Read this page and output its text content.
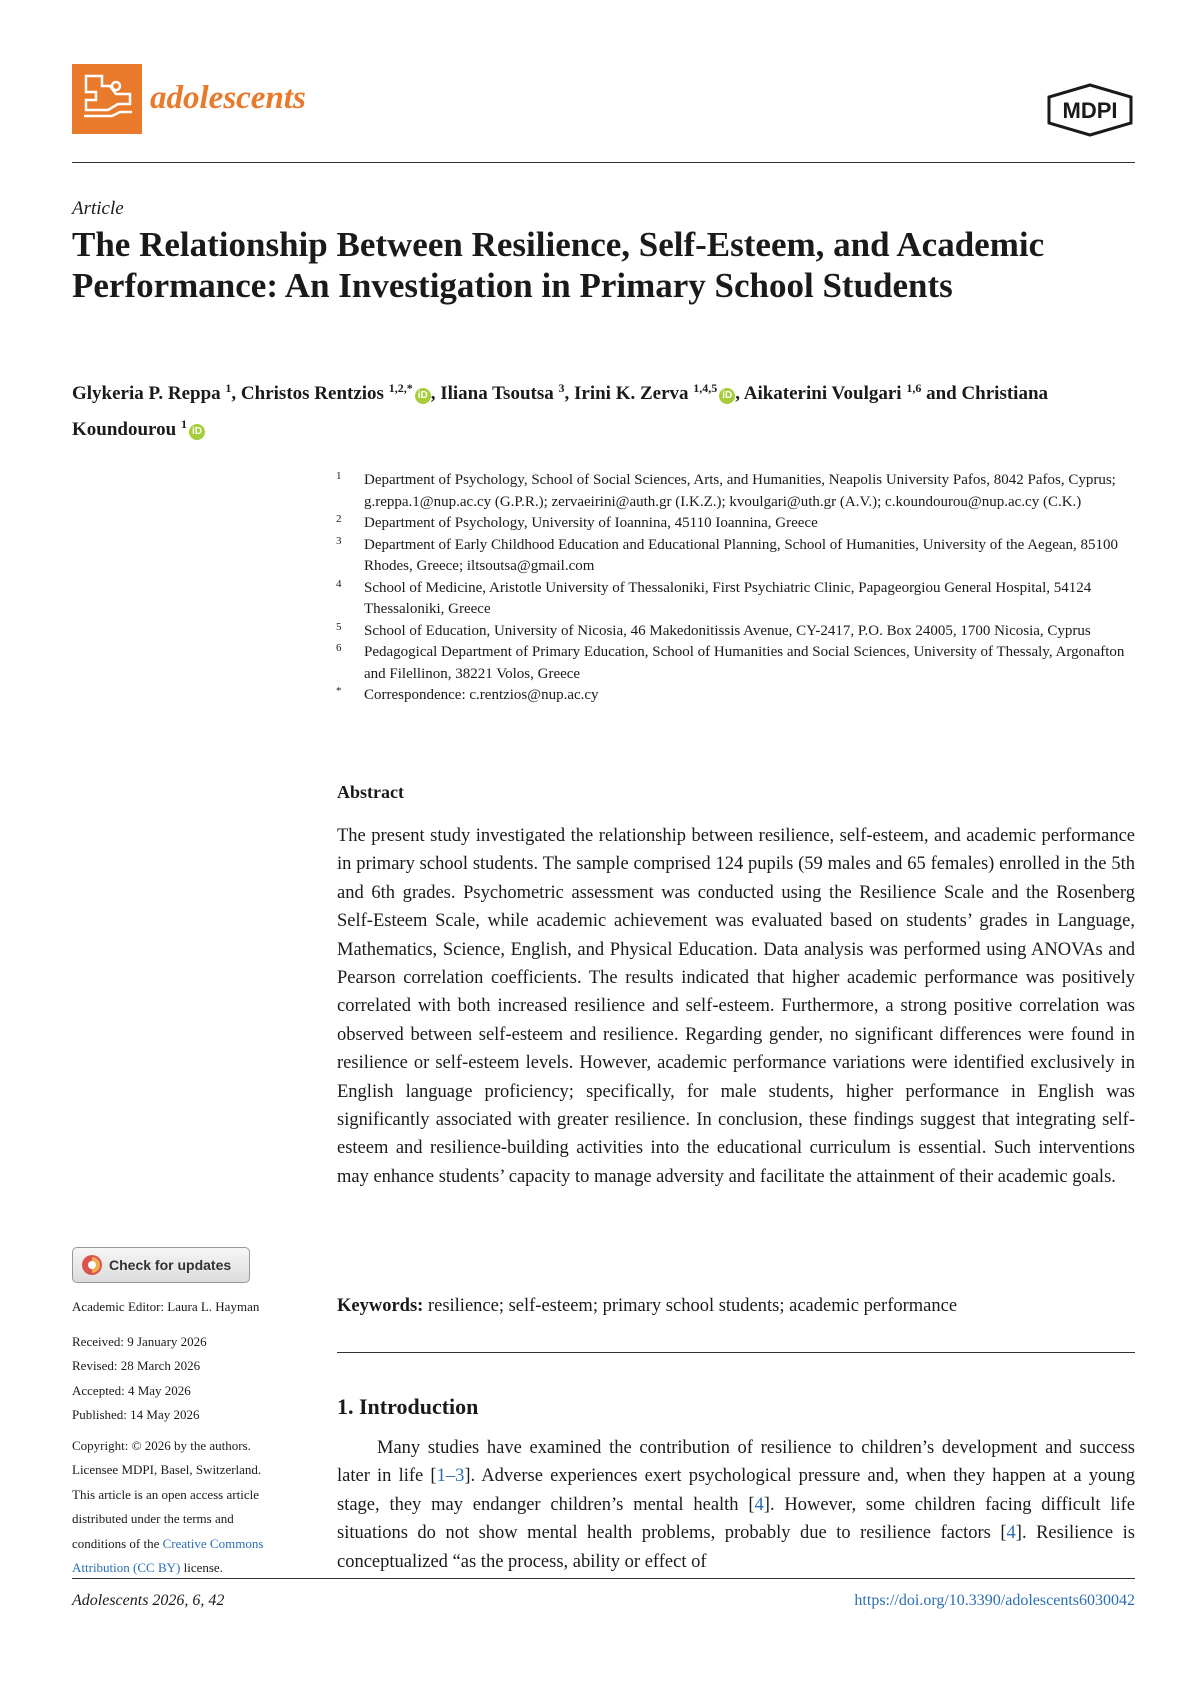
adolescents	MDPI
Article
The Relationship Between Resilience, Self-Esteem, and Academic Performance: An Investigation in Primary School Students
Glykeria P. Reppa $^1$, Christos Rentzios $^{1,2,*}$iD , Iliana Tsoutsa $^3$, Irini K. Zerva $^{1,4,5}$iD , Aikaterini Voulgari $^{1,6}$ and Christiana Koundourou $^1$iD
1 Department of Psychology, School of Social Sciences, Arts, and Humanities, Neapolis University Pafos, 8042 Pafos, Cyprus; g.reppa.1@nup.ac.cy (G.P.R.); zervaeirini@auth.gr (I.K.Z.); kvoulgari@uth.gr (A.V.); c.koundourou@nup.ac.cy (C.K.)
2 Department of Psychology, University of Ioannina, 45110 Ioannina, Greece
3 Department of Early Childhood Education and Educational Planning, School of Humanities, University of the Aegean, 85100 Rhodes, Greece; iltsoutsa@gmail.com
4 School of Medicine, Aristotle University of Thessaloniki, First Psychiatric Clinic, Papageorgiou General Hospital, 54124 Thessaloniki, Greece
5 School of Education, University of Nicosia, 46 Makedonitissis Avenue, CY-2417, P.O. Box 24005, 1700 Nicosia, Cyprus
6 Pedagogical Department of Primary Education, School of Humanities and Social Sciences, University of Thessaly, Argonafton and Filellinon, 38221 Volos, Greece
* Correspondence: c.rentzios@nup.ac.cy
Abstract
The present study investigated the relationship between resilience, self-esteem, and academic performance in primary school students. The sample comprised 124 pupils (59 males and 65 females) enrolled in the 5th and 6th grades. Psychometric assessment was conducted using the Resilience Scale and the Rosenberg Self-Esteem Scale, while academic achievement was evaluated based on students’ grades in Language, Mathematics, Science, English, and Physical Education. Data analysis was performed using ANOVAs and Pearson correlation coefficients. The results indicated that higher academic performance was positively correlated with both increased resilience and self-esteem. Furthermore, a strong positive correlation was observed between self-esteem and resilience. Regarding gender, no significant differences were found in resilience or self-esteem levels. However, academic performance variations were identified exclusively in English language proficiency; specifically, for male students, higher performance in English was significantly associated with greater resilience. In conclusion, these findings suggest that integrating self-esteem and resilience-building activities into the educational curriculum is essential. Such interventions may enhance students’ capacity to manage adversity and facilitate the attainment of their academic goals.
Keywords: resilience; self-esteem; primary school students; academic performance
1. Introduction
Many studies have examined the contribution of resilience to children’s development and success later in life [1–3]. Adverse experiences exert psychological pressure and, when they happen at a young stage, they may endanger children’s mental health [4]. However, some children facing difficult life situations do not show mental health problems, probably due to resilience factors [4]. Resilience is conceptualized “as the process, ability or effect of
Check for updates
Academic Editor: Laura L. Hayman
Received: 9 January 2026
Revised: 28 March 2026
Accepted: 4 May 2026
Published: 14 May 2026
Copyright: © 2026 by the authors.
Licensee MDPI, Basel, Switzerland.
This article is an open access article
distributed under the terms and
conditions of the Creative Commons
Attribution (CC BY) license.
Adolescents 2026, 6, 42	https://doi.org/10.3390/adolescents6030042
